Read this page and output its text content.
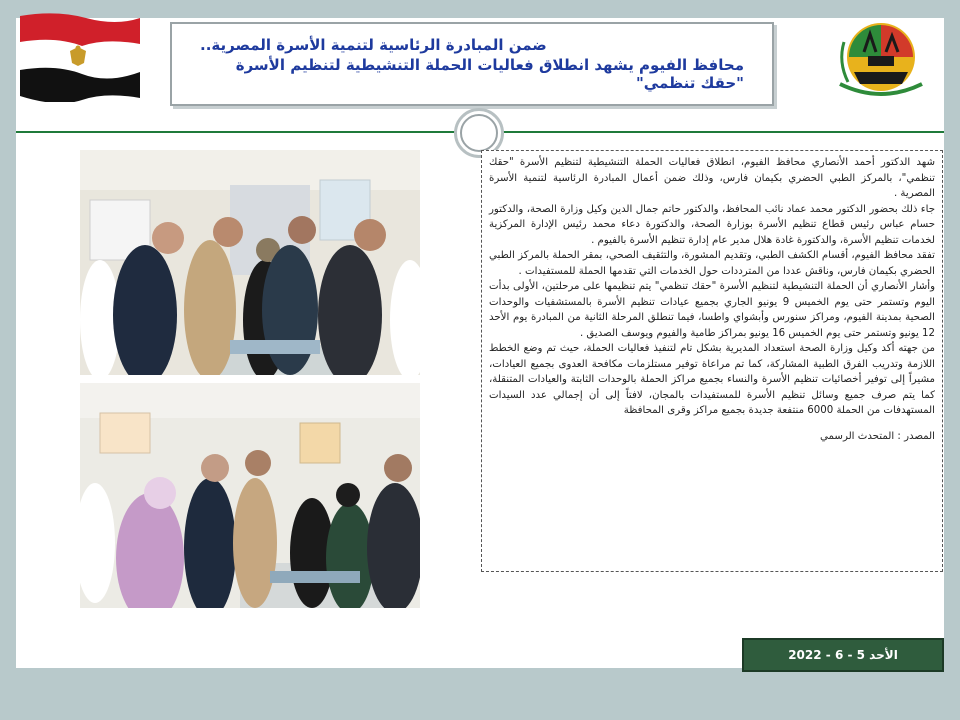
ضمن المبادرة الرئاسية لتنمية الأسرة المصرية..
محافظ الفيوم يشهد انطلاق فعاليات الحملة التنشيطية لتنظيم الأسرة "حقك تنظمي"

شهد الدكتور أحمد الأنصاري محافظ الفيوم، انطلاق فعاليات الحملة التنشيطية لتنظيم الأسرة "حقك تنظمي"، بالمركز الطبي الحضري بكيمان فارس، وذلك ضمن أعمال المبادرة الرئاسية لتنمية الأسرة المصرية .

جاء ذلك بحضور الدكتور محمد عماد نائب المحافظ، والدكتور حاتم جمال الدين وكيل وزارة الصحة، والدكتور حسام عباس رئيس قطاع تنظيم الأسرة بوزارة الصحة، والدكتورة دعاء محمد رئيس الإدارة المركزية لخدمات تنظيم الأسرة، والدكتورة غادة هلال مدير عام إدارة تنظيم الأسرة بالفيوم .

تفقد محافظ الفيوم، أقسام الكشف الطبي، وتقديم المشورة، والتثقيف الصحي، بمقر الحملة بالمركز الطبي الحضري بكيمان فارس، وناقش عددا من المترددات حول الخدمات التي تقدمها الحملة للمستفيدات .

وأشار الأنصاري أن الحملة التنشيطية لتنظيم الأسرة "حقك تنظمي" يتم تنظيمها على مرحلتين، الأولى بدأت اليوم وتستمر حتى يوم الخميس 9 يونيو الجاري بجميع عيادات تنظيم الأسرة بالمستشفيات والوحدات الصحية بمدينة الفيوم، ومراكز سنورس وأبشواي واطسا، فيما تنطلق المرحلة الثانية من المبادرة يوم الأحد 12 يونيو وتستمر حتى يوم الخميس 16 يونيو بمراكز طامية والفيوم ويوسف الصديق .

من جهته أكد وكيل وزارة الصحة استعداد المديرية بشكل تام لتنفيذ فعاليات الحملة، حيث تم وضع الخطط اللازمة وتدريب الفرق الطبية المشاركة، كما تم مراعاة توفير مستلزمات مكافحة العدوى بجميع العيادات، مشيراً إلى توفير أخصائيات تنظيم الأسرة والنساء بجميع مراكز الحملة بالوحدات الثابتة والعيادات المتنقلة، كما يتم صرف جميع وسائل تنظيم الأسرة للمستفيدات بالمجان، لافتاً إلى أن إجمالي عدد السيدات المستهدفات من الحملة 6000 منتفعة جديدة بجميع مراكز وقرى المحافظة

المصدر : المتحدث الرسمي

الأحد 5 - 6 - 2022
